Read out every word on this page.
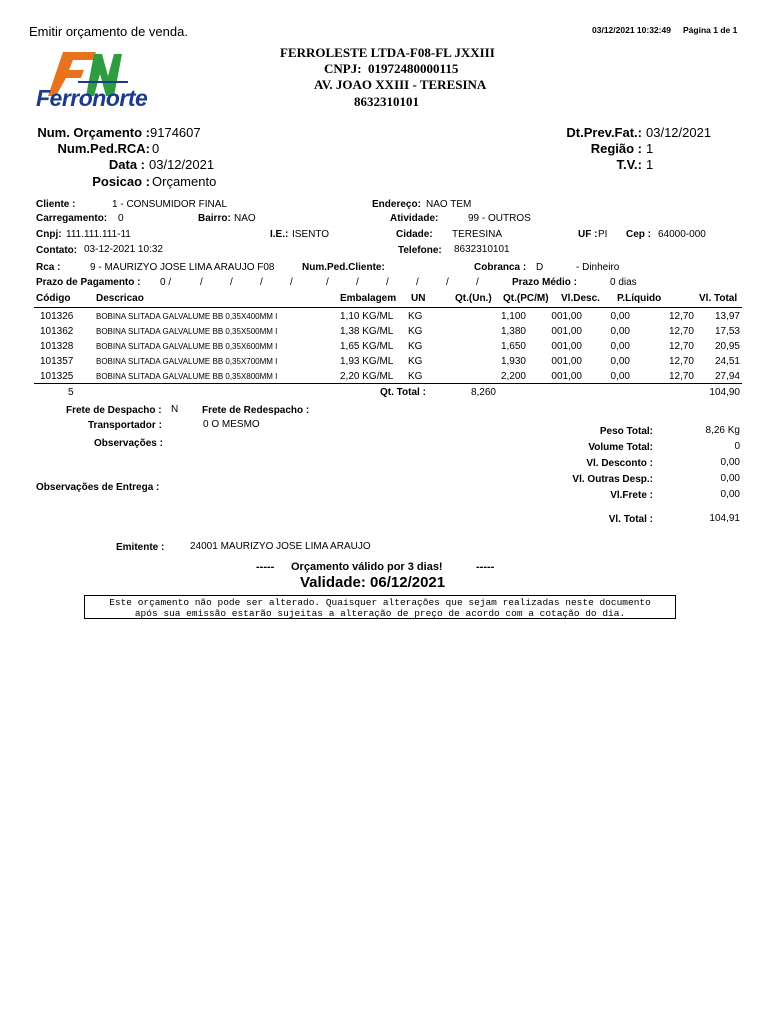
Emitir orçamento de venda.	03/12/2021 10:32:49 Página 1 de 1
Ferronorte
FERROLESTE LTDA-F08-FL JXXIII
CNPJ: 01972480000115
AV. JOAO XXIII - TERESINA
8632310101
Num. Orçamento : 9174607
Num.Ped.RCA: 0
Data : 03/12/2021
Posicao : Orçamento
Dt.Prev.Fat.: 03/12/2021
Região : 1
T.V.: 1
Cliente :	1 - CONSUMIDOR FINAL	Endereço: NAO TEM
Carregamento: 0	Bairro: NAO	Atividade:	99 - OUTROS
Cnpj: 111.111.111-11	I.E.: ISENTO	Cidade: TERESINA	UF : PI Cep : 64000-000
Contato: 03-12-2021 10:32	Telefone: 8632310101
Rca :	9 - MAURIZYO JOSE LIMA ARAUJO F08	Num.Ped.Cliente:	Cobranca : D	- Dinheiro
Prazo de Pagamento : 0 /	/	/	/	/	/	/	/	/	/	/	Prazo Médio :	0 dias
Código	Descricao	Embalagem UN	Qt.(Un.) Qt.(PC/M) Vl.Desc. P.Líquido	Vl. Total
101326	BOBINA SLITADA GALVALUME BB 0,35X400MM I	1,10 KG/ML	KG	1,100	001,00	0,00	12,70	13,97
101362	BOBINA SLITADA GALVALUME BB 0,35X500MM I	1,38 KG/ML	KG	1,380	001,00	0,00	12,70	17,53
101328	BOBINA SLITADA GALVALUME BB 0,35X600MM I	1,65 KG/ML	KG	1,650	001,00	0,00	12,70	20,95
101357	BOBINA SLITADA GALVALUME BB 0,35X700MM I	1,93 KG/ML	KG	1,930	001,00	0,00	12,70	24,51
101325	BOBINA SLITADA GALVALUME BB 0,35X800MM I	2,20 KG/ML	KG	2,200	001,00	0,00	12,70	27,94
5	Qt. Total :	8,260	104,90
Frete de Despacho : N Frete de Redespacho :
Transportador :	0 O MESMO
Observações :
Observações de Entrega :
Peso Total:	8,26 Kg
Volume Total:	0
Vl. Desconto :	0,00
Vl. Outras Desp.:	0,00
Vl.Frete :	0,00
Vl. Total :	104,91
Emitente :	24001 MAURIZYO JOSE LIMA ARAUJO
----- Orçamento válido por 3 dias!	-----
Validade: 06/12/2021
Este orçamento não pode ser alterado. Quaisquer alterações que sejam realizadas neste documento
após sua emissão estarão sujeitas a alteração de preço de acordo com a cotação do dia.
